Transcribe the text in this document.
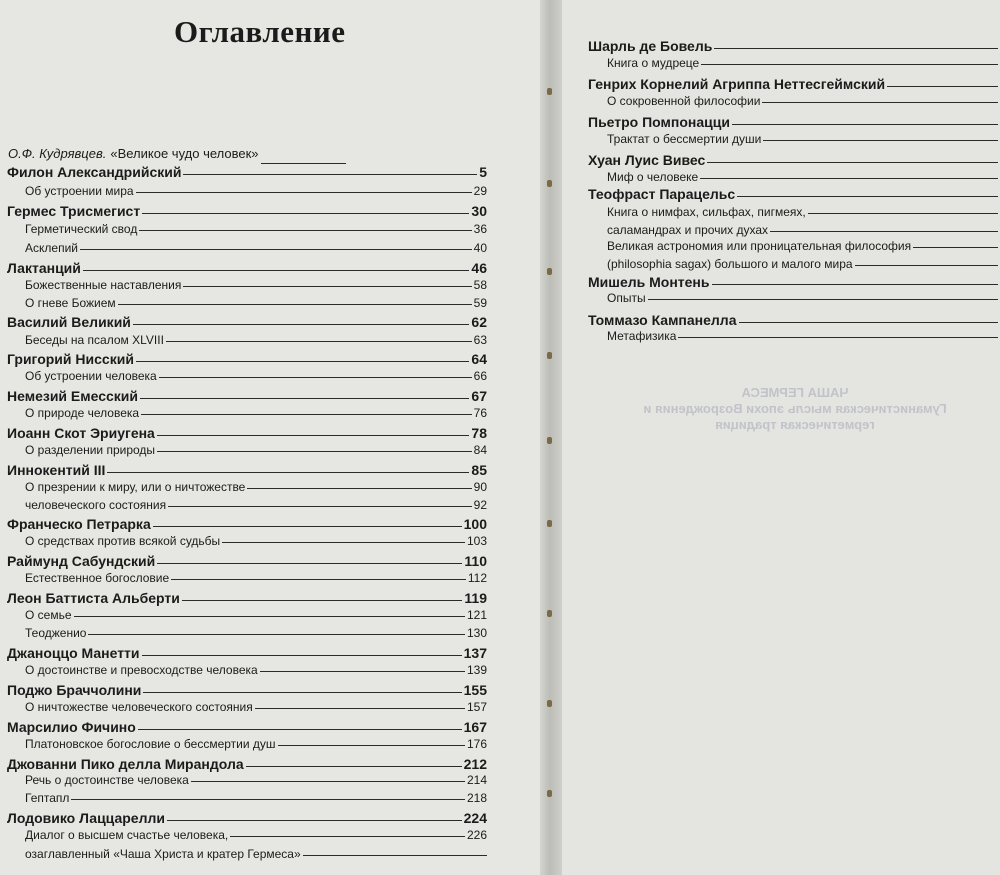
Оглавление
О.Ф. Кудрявцев. «Великое чудо человек»
Филон Александрийский	5
Об устроении мира	29
Гермес Трисмегист	30
Герметический свод	36
Асклепий	40
Лактанций	46
Божественные наставления	58
О гневе Божием	59
Василий Великий	62
Беседы на псалом XLVIII	63
Григорий Нисский	64
Об устроении человека	66
Немезий Емесский	67
О природе человека	76
Иоанн Скот Эриугена	78
О разделении природы	84
Иннокентий III	85
О презрении к миру, или о ничтожестве	90
человеческого состояния	92
Франческо Петрарка	100
О средствах против всякой судьбы	103
Раймунд Сабундский	110
Естественное богословие	112
Леон Баттиста Альберти	119
О семье	121
Теодженио	130
Джаноццо Манетти	137
О достоинстве и превосходстве человека	139
Поджо Браччолини	155
О ничтожестве человеческого состояния	157
Марсилио Фичино	167
Платоновское богословие о бессмертии душ	176
Джованни Пико делла Мирандола	212
Речь о достоинстве человека	214
Гептапл	218
Лодовико Лаццарелли	224
Диалог о высшем счастье человека,	226
озаглавленный «Чаша Христа и кратер Гермеса»
Шарль де Бовель
Книга о мудреце
Генрих Корнелий Агриппа Неттесгеймский
О сокровенной философии
Пьетро Помпонацци
Трактат о бессмертии души
Хуан Луис Вивес
Миф о человеке
Теофраст Парацельс
Книга о нимфах, сильфах, пигмеях,
саламандрах и прочих духах
Великая астрономия или проницательная философия
(philosophia sagax) большого и малого мира
Мишель Монтень
Опыты
Томмазо Кампанелла
Метафизика
ЧАША ГЕРМЕСА
Гуманистическая мысль эпохи Возрождения и герметическая традиция
